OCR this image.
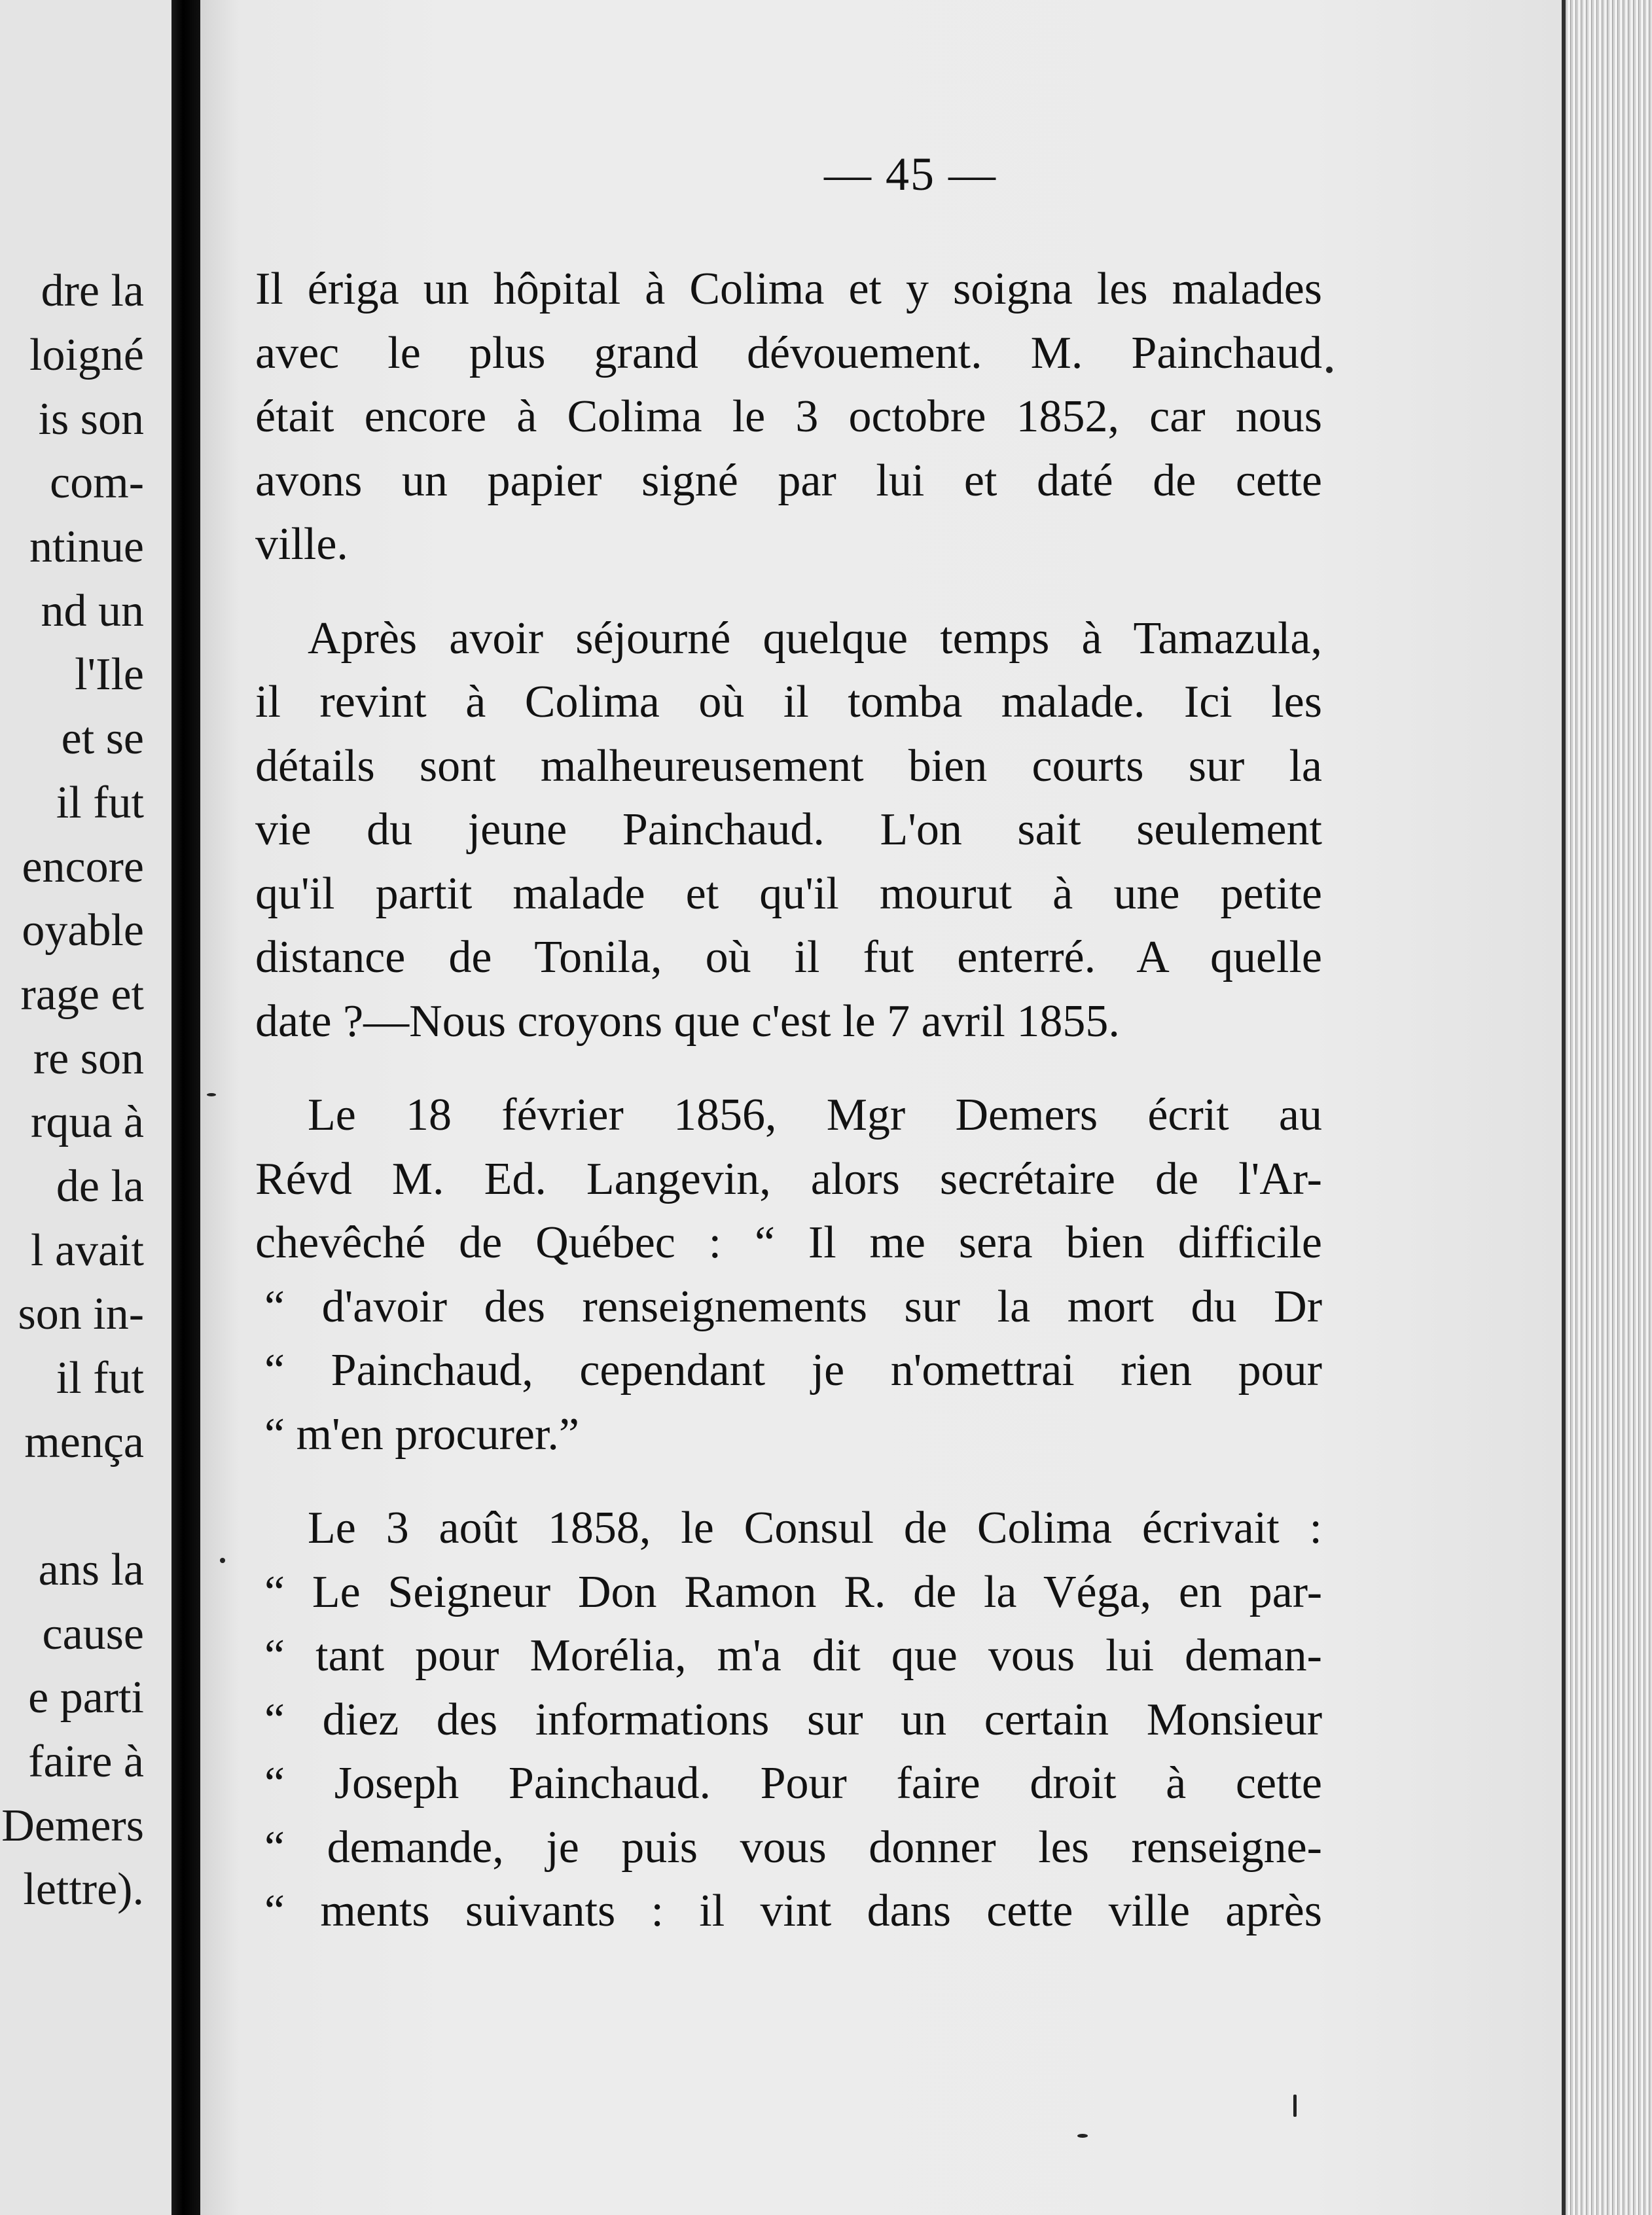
dre la
loigné
is son
com-
ntinue
nd un
l'Ile
et se
il fut
encore
oyable
rage et
re son
rqua à
de la
l avait
son in-
il fut
mença
ans la
cause
e parti
faire à
Demers
lettre).
— 45 —

Il ériga un hôpital à Colima et y soigna les malades
avec le plus grand dévouement. M. Painchaud
était encore à Colima le 3 octobre 1852, car nous
avons un papier signé par lui et daté de cette
ville.

Après avoir séjourné quelque temps à Tamazula,
il revint à Colima où il tomba malade. Ici les
détails sont malheureusement bien courts sur la
vie du jeune Painchaud. L'on sait seulement
qu'il partit malade et qu'il mourut à une petite
distance de Tonila, où il fut enterré. A quelle
date ?—Nous croyons que c'est le 7 avril 1855.

Le 18 février 1856, Mgr Demers écrit au
Révd M. Ed. Langevin, alors secrétaire de l'Ar-
chevêché de Québec : “ Il me sera bien difficile
“ d'avoir des renseignements sur la mort du Dr
“ Painchaud, cependant je n'omettrai rien pour
“ m'en procurer.”

Le 3 août 1858, le Consul de Colima écrivait :
“ Le Seigneur Don Ramon R. de la Véga, en par-
“ tant pour Morélia, m'a dit que vous lui deman-
“ diez des informations sur un certain Monsieur
“ Joseph Painchaud. Pour faire droit à cette
“ demande, je puis vous donner les renseigne-
“ ments suivants : il vint dans cette ville après
